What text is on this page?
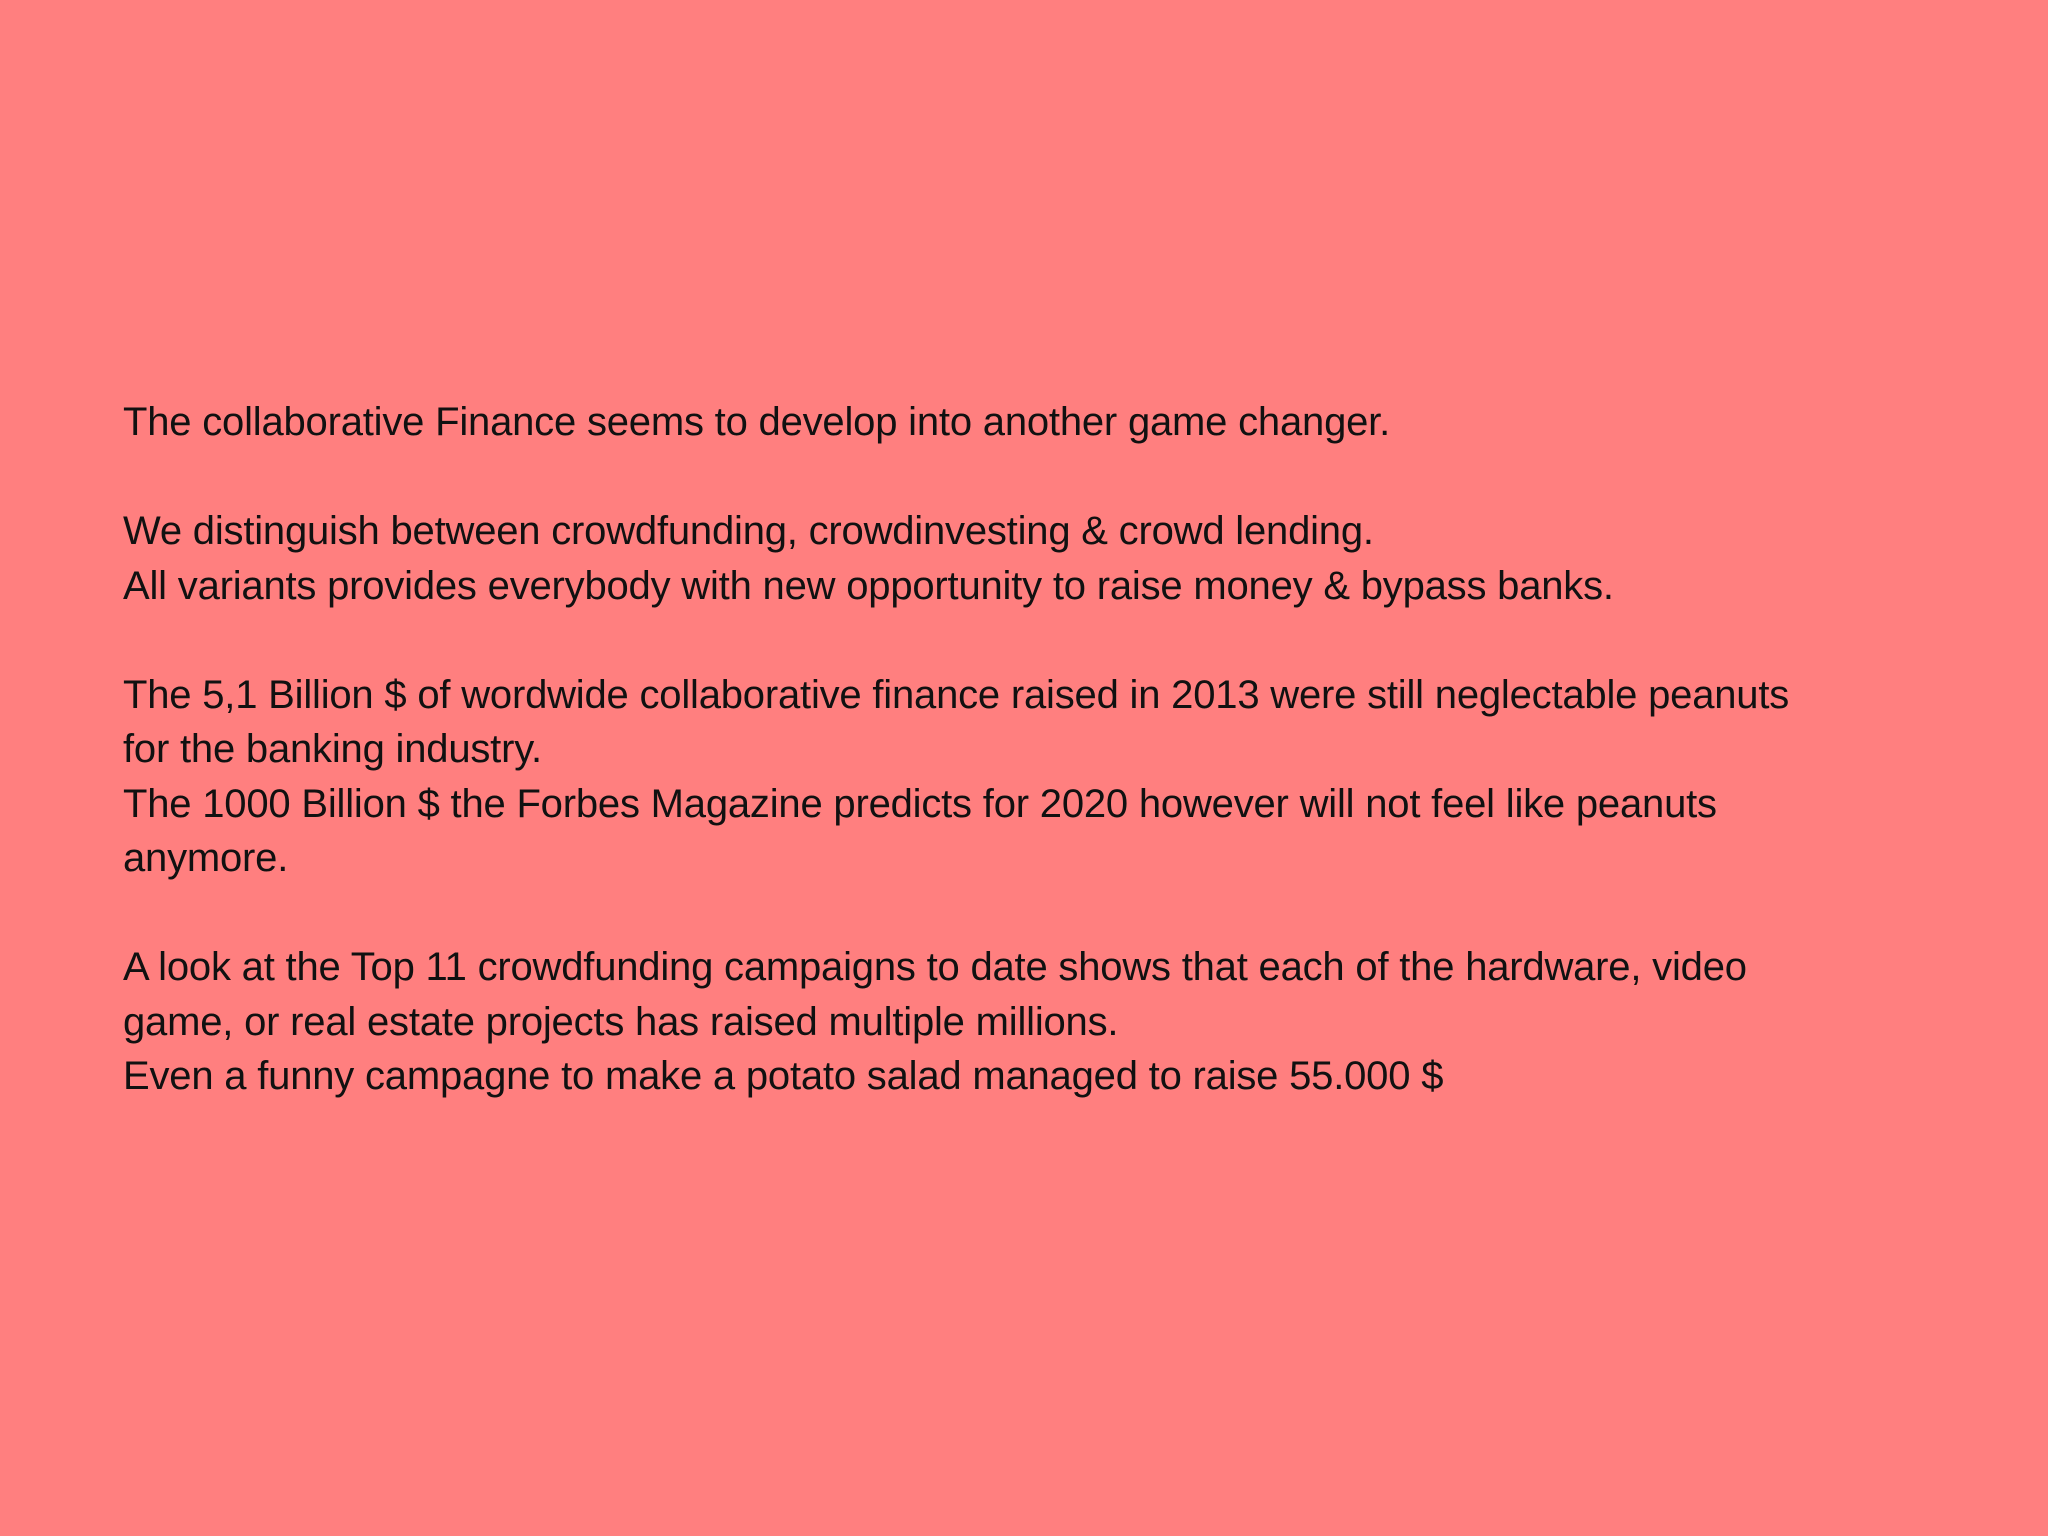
The collaborative Finance seems to develop into another game changer.

We distinguish between crowdfunding, crowdinvesting & crowd lending.
All variants provides everybody with new opportunity to raise money & bypass banks.

The 5,1 Billion $ of wordwide collaborative finance raised in 2013 were still neglectable peanuts
for the banking industry.
The 1000 Billion $ the Forbes Magazine predicts for 2020 however will not feel like peanuts
anymore.

A look at the Top 11 crowdfunding campaigns to date shows that each of the hardware, video
game, or real estate projects has raised multiple millions.
Even a funny campagne to make a potato salad managed to raise 55.000 $
